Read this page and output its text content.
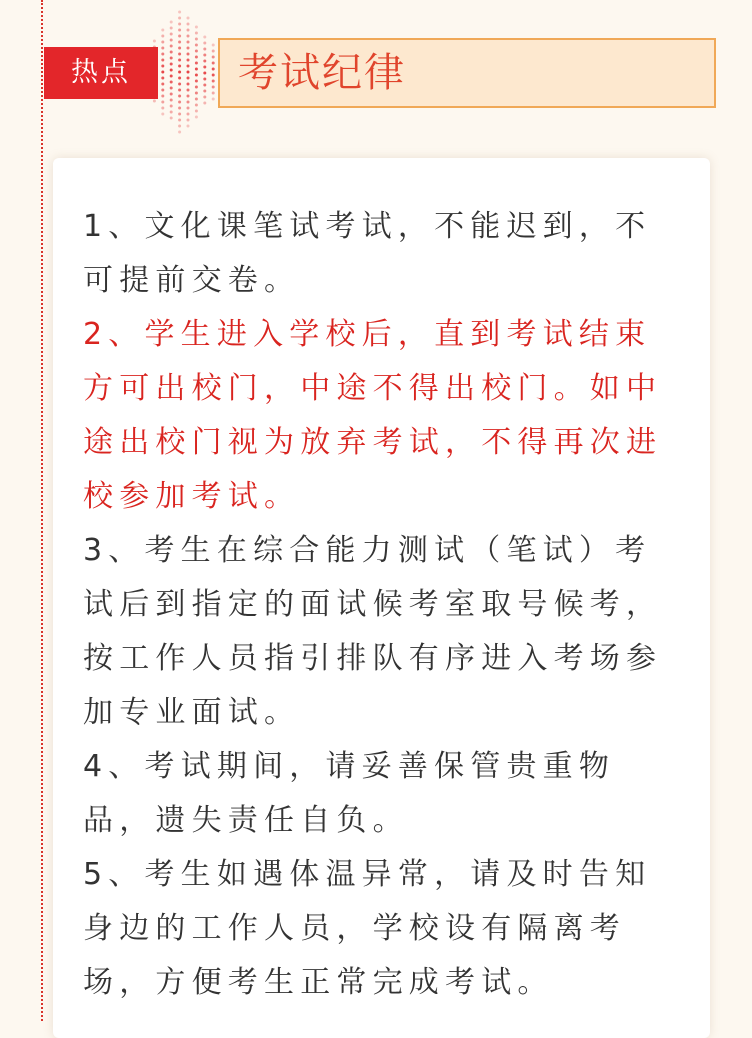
热点	考试纪律

1、文化课笔试考试，不能迟到，不可提前交卷。

2、学生进入学校后，直到考试结束方可出校门，中途不得出校门。如中途出校门视为放弃考试，不得再次进校参加考试。

3、考生在综合能力测试（笔试）考试后到指定的面试候考室取号候考，按工作人员指引排队有序进入考场参加专业面试。

4、考试期间，请妥善保管贵重物品，遗失责任自负。

5、考生如遇体温异常，请及时告知身边的工作人员，学校设有隔离考场，方便考生正常完成考试。
